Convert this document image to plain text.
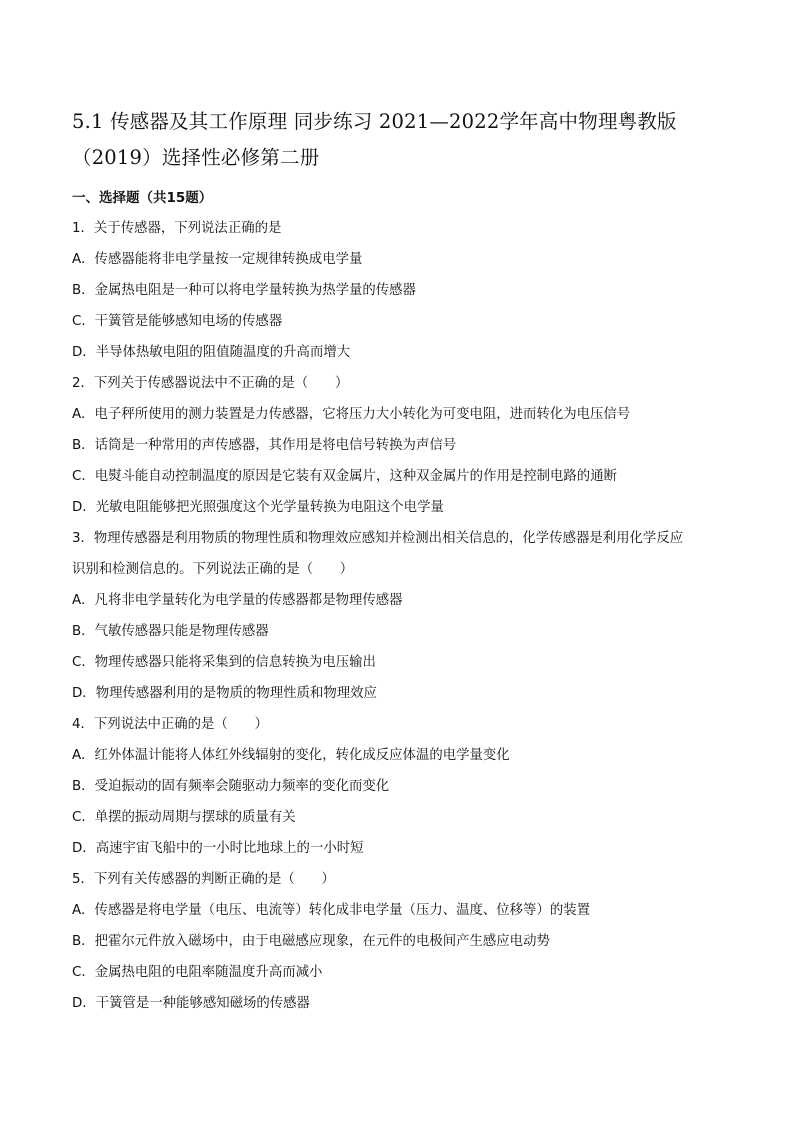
5.1 传感器及其工作原理 同步练习 2021—2022学年高中物理粤教版
（2019）选择性必修第二册
一、选择题（共15题）
1．关于传感器，下列说法正确的是
A．传感器能将非电学量按一定规律转换成电学量
B．金属热电阻是一种可以将电学量转换为热学量的传感器
C．干簧管是能够感知电场的传感器
D．半导体热敏电阻的阻值随温度的升高而增大
2．下列关于传感器说法中不正确的是（　　）
A．电子秤所使用的测力装置是力传感器，它将压力大小转化为可变电阻，进而转化为电压信号
B．话筒是一种常用的声传感器，其作用是将电信号转换为声信号
C．电熨斗能自动控制温度的原因是它装有双金属片，这种双金属片的作用是控制电路的通断
D．光敏电阻能够把光照强度这个光学量转换为电阻这个电学量
3．物理传感器是利用物质的物理性质和物理效应感知并检测出相关信息的，化学传感器是利用化学反应
识别和检测信息的。下列说法正确的是（　　）
A．凡将非电学量转化为电学量的传感器都是物理传感器
B．气敏传感器只能是物理传感器
C．物理传感器只能将采集到的信息转换为电压输出
D．物理传感器利用的是物质的物理性质和物理效应
4．下列说法中正确的是（　　）
A．红外体温计能将人体红外线辐射的变化，转化成反应体温的电学量变化
B．受迫振动的固有频率会随驱动力频率的变化而变化
C．单摆的振动周期与摆球的质量有关
D．高速宇宙飞船中的一小时比地球上的一小时短
5．下列有关传感器的判断正确的是（　　）
A．传感器是将电学量（电压、电流等）转化成非电学量（压力、温度、位移等）的装置
B．把霍尔元件放入磁场中，由于电磁感应现象，在元件的电极间产生感应电动势
C．金属热电阻的电阻率随温度升高而减小
D．干簧管是一种能够感知磁场的传感器
